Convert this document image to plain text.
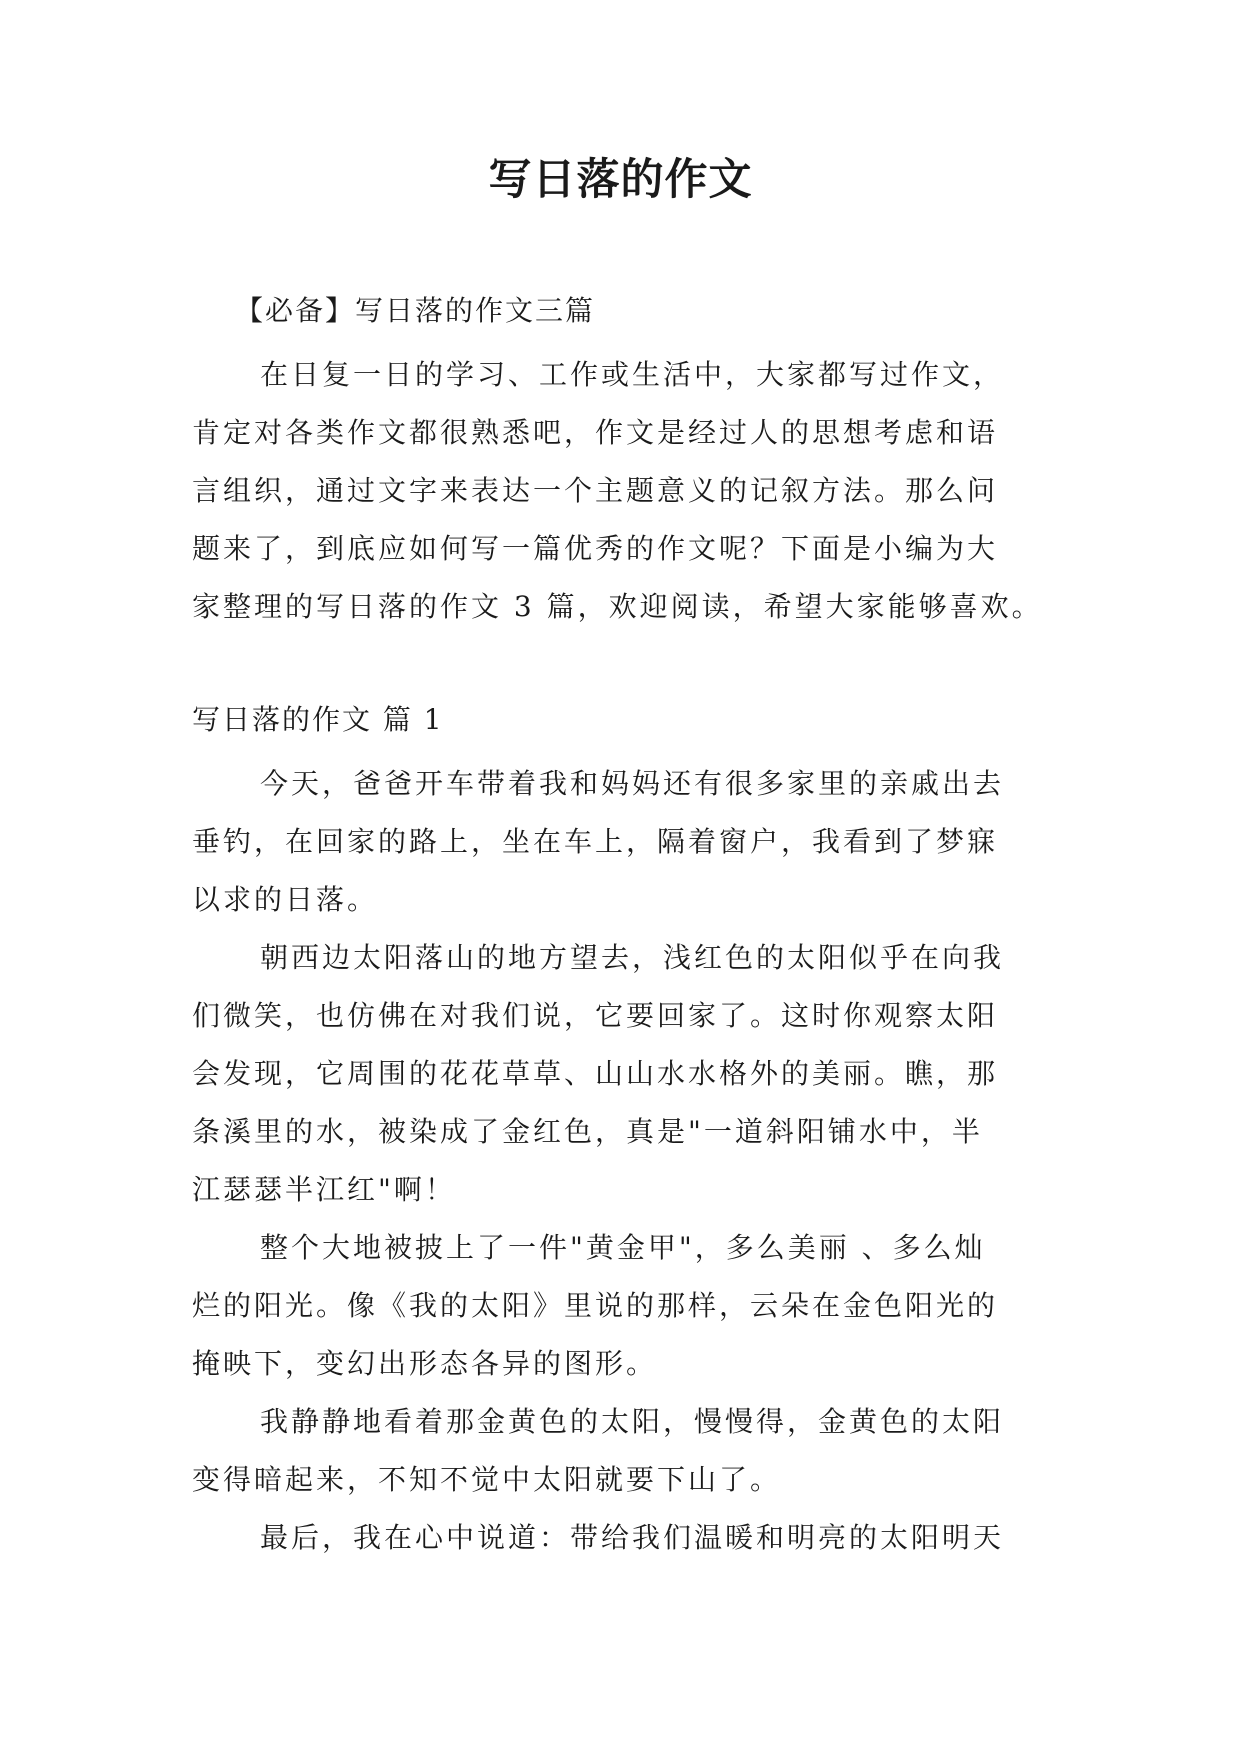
写日落的作文
【必备】写日落的作文三篇
在日复一日的学习、工作或生活中，大家都写过作文，
肯定对各类作文都很熟悉吧，作文是经过人的思想考虑和语
言组织，通过文字来表达一个主题意义的记叙方法。那么问
题来了，到底应如何写一篇优秀的作文呢？下面是小编为大
家整理的写日落的作文 3 篇，欢迎阅读，希望大家能够喜欢。
写日落的作文 篇 1
今天，爸爸开车带着我和妈妈还有很多家里的亲戚出去
垂钓，在回家的路上，坐在车上，隔着窗户，我看到了梦寐
以求的日落。
朝西边太阳落山的地方望去，浅红色的太阳似乎在向我
们微笑，也仿佛在对我们说，它要回家了。这时你观察太阳
会发现，它周围的花花草草、山山水水格外的美丽。瞧，那
条溪里的水，被染成了金红色，真是"一道斜阳铺水中，半
江瑟瑟半江红"啊！
整个大地被披上了一件"黄金甲"，多么美丽 、多么灿
烂的阳光。像《我的太阳》里说的那样，云朵在金色阳光的
掩映下，变幻出形态各异的图形。
我静静地看着那金黄色的太阳，慢慢得，金黄色的太阳
变得暗起来，不知不觉中太阳就要下山了。
最后，我在心中说道：带给我们温暖和明亮的太阳明天
